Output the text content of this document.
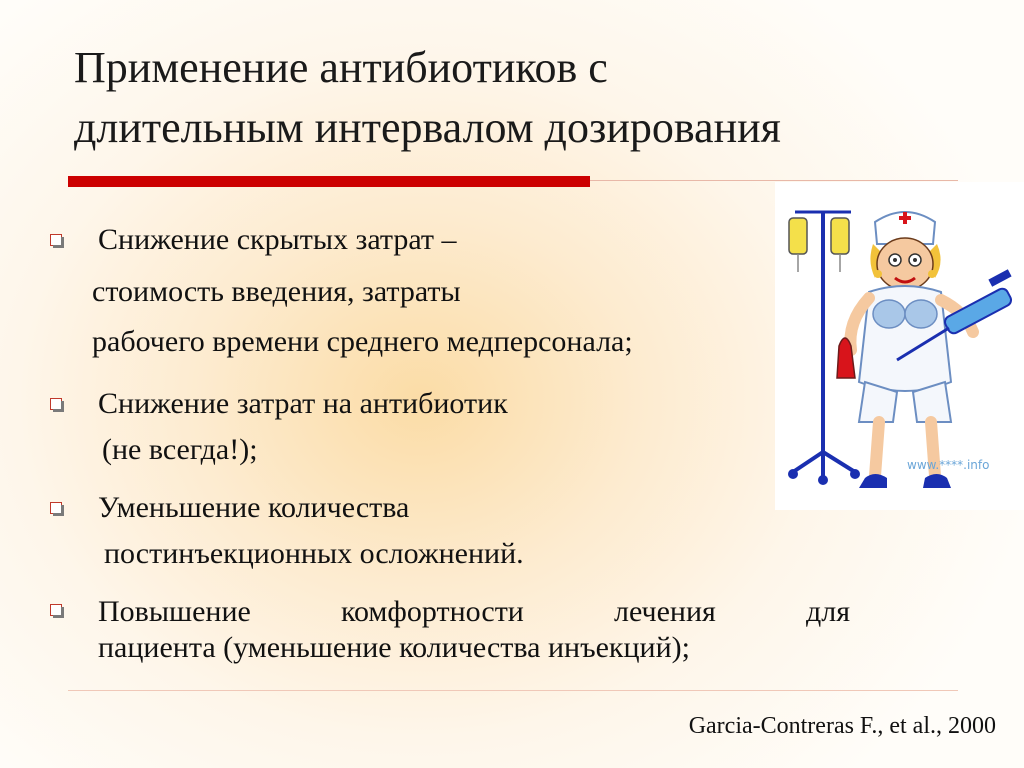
Применение антибиотиков с
длительным интервалом дозирования
Снижение скрытых затрат –
стоимость введения, затраты
рабочего времени среднего медперсонала;
Снижение затрат на антибиотик
(не всегда!);
Уменьшение количества
постинъекционных осложнений.
Повышение	комфортности	лечения	для
пациента (уменьшение количества инъекций);
Garcia-Contreras F., et al., 2000
www.****.info
